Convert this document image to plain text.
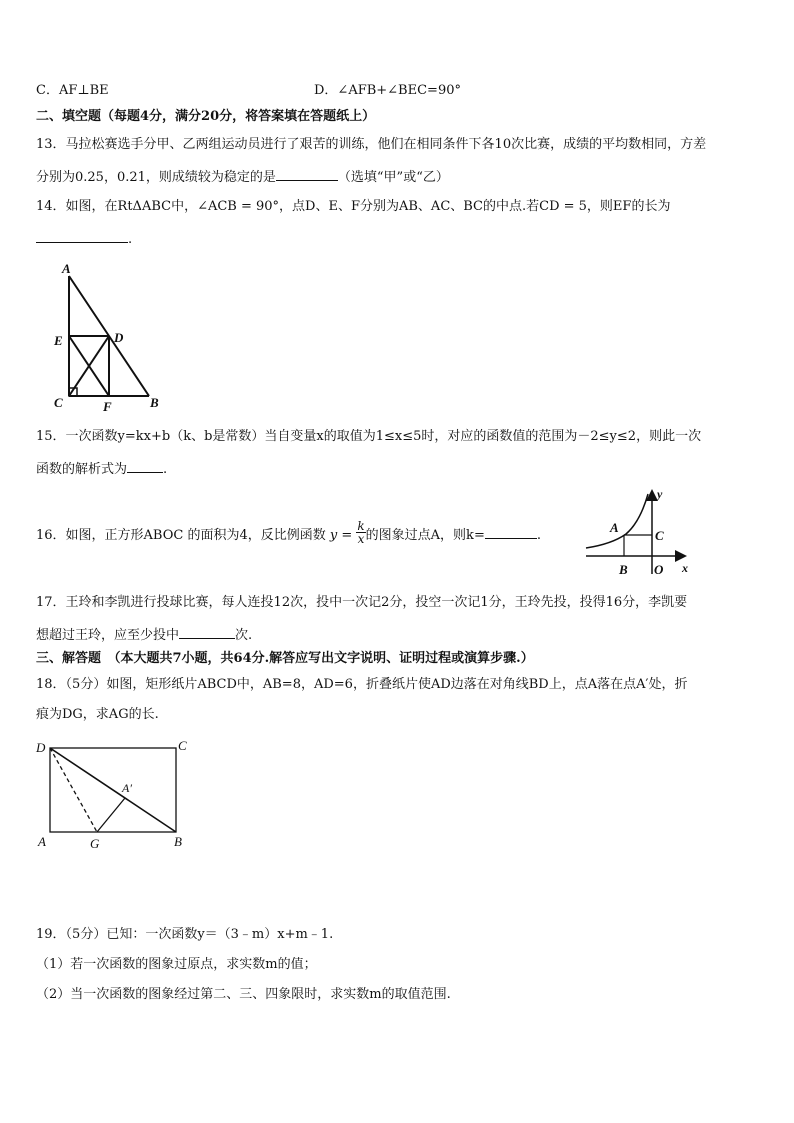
C．AF⊥BE	D．∠AFB+∠BEC=90°
二、填空题（每题4分，满分20分，将答案填在答题纸上）
13．马拉松赛选手分甲、乙两组运动员进行了艰苦的训练，他们在相同条件下各10次比赛，成绩的平均数相同，方差
分别为0.25，0.21，则成绩较为稳定的是	（选填“甲”或“乙）
14．如图，在RtΔABC中，∠ACB = 90°，点D、E、F分别为AB、AC、BC的中点.若CD = 5，则EF的长为
.
A
E	D
C	F	B
15．一次函数y=kx+b（k、b是常数）当自变量x的取值为1≤x≤5时，对应的函数值的范围为－2≤y≤2，则此一次
函数的解析式为	.
16．如图，正方形ABOC 的面积为4，反比例函数 $y = \frac{k}{x}$ 的图象过点A，则k=	.
A
C
B O x
y
17．王玲和李凯进行投球比赛，每人连投12次，投中一次记2分，投空一次记1分，王玲先投，投得16分，李凯要
想超过王玲，应至少投中	次.
三、解答题　（本大题共7小题，共64分.解答应写出文字说明、证明过程或演算步骤.）
18．（5分）如图，矩形纸片ABCD中，AB=8，AD=6，折叠纸片使AD边落在对角线BD上，点A落在点A′处，折
痕为DG，求AG的长.
D	C
A′
A	G	B
19．（5分）已知：一次函数y＝（3﹣m）x+m﹣1.
（1）若一次函数的图象过原点，求实数m的值；
（2）当一次函数的图象经过第二、三、四象限时，求实数m的取值范围.
